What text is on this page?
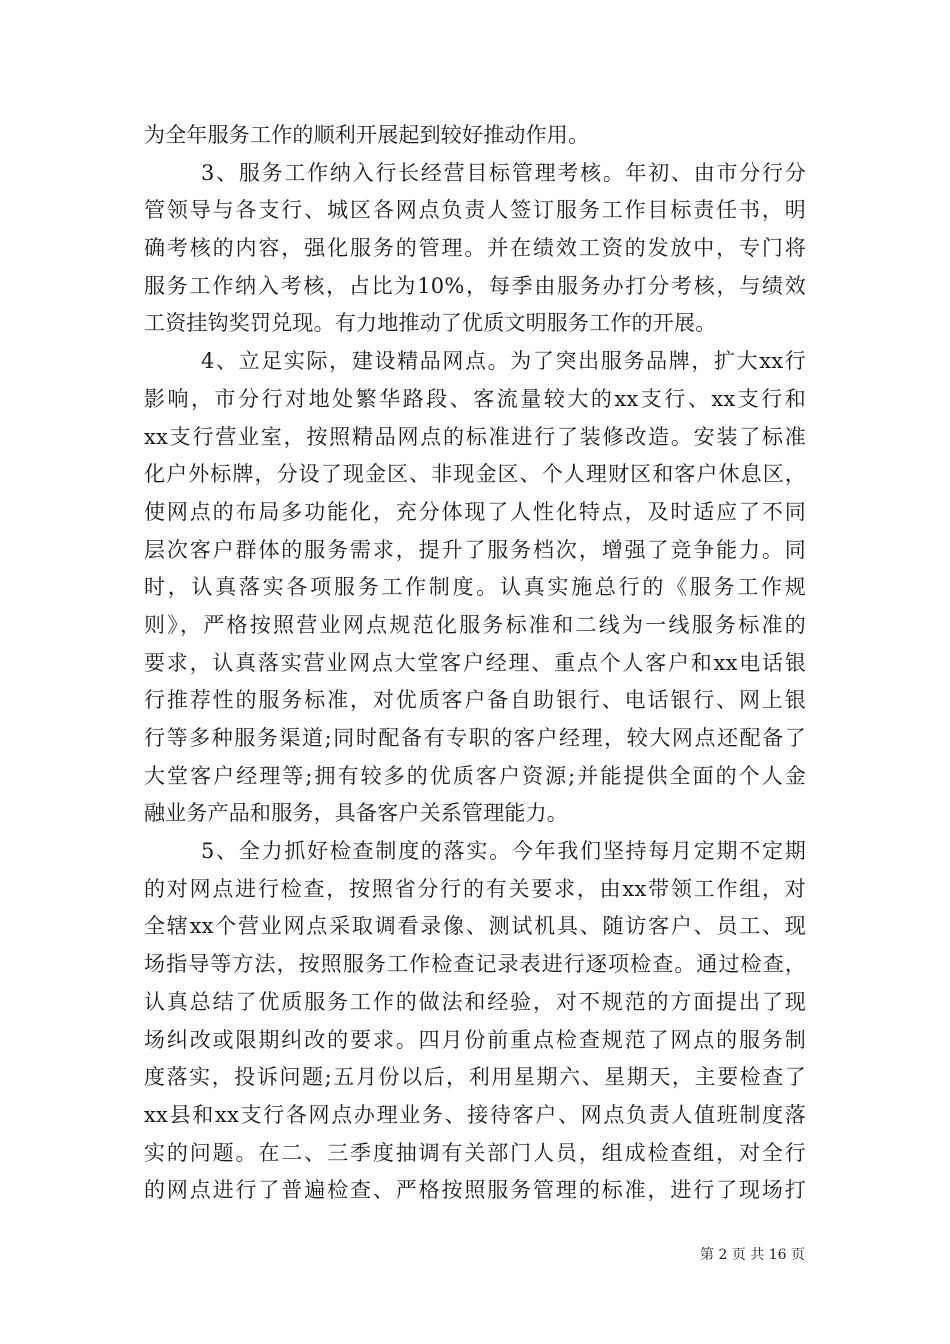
为全年服务工作的顺利开展起到较好推动作用。
3、服务工作纳入行长经营目标管理考核。年初、由市分行分
管领导与各支行、城区各网点负责人签订服务工作目标责任书，明
确考核的内容，强化服务的管理。并在绩效工资的发放中，专门将
服务工作纳入考核，占比为10%，每季由服务办打分考核，与绩效
工资挂钩奖罚兑现。有力地推动了优质文明服务工作的开展。
4、立足实际，建设精品网点。为了突出服务品牌，扩大xx行
影响，市分行对地处繁华路段、客流量较大的xx支行、xx支行和
xx支行营业室，按照精品网点的标准进行了装修改造。安装了标准
化户外标牌，分设了现金区、非现金区、个人理财区和客户休息区，
使网点的布局多功能化，充分体现了人性化特点，及时适应了不同
层次客户群体的服务需求，提升了服务档次，增强了竞争能力。同
时，认真落实各项服务工作制度。认真实施总行的《服务工作规
则》，严格按照营业网点规范化服务标准和二线为一线服务标准的
要求，认真落实营业网点大堂客户经理、重点个人客户和xx电话银
行推荐性的服务标准，对优质客户备自助银行、电话银行、网上银
行等多种服务渠道;同时配备有专职的客户经理，较大网点还配备了
大堂客户经理等;拥有较多的优质客户资源;并能提供全面的个人金
融业务产品和服务，具备客户关系管理能力。
5、全力抓好检查制度的落实。今年我们坚持每月定期不定期
的对网点进行检查，按照省分行的有关要求，由xx带领工作组，对
全辖xx个营业网点采取调看录像、测试机具、随访客户、员工、现
场指导等方法，按照服务工作检查记录表进行逐项检查。通过检查，
认真总结了优质服务工作的做法和经验，对不规范的方面提出了现
场纠改或限期纠改的要求。四月份前重点检查规范了网点的服务制
度落实，投诉问题;五月份以后，利用星期六、星期天，主要检查了
xx县和xx支行各网点办理业务、接待客户、网点负责人值班制度落
实的问题。在二、三季度抽调有关部门人员，组成检查组，对全行
的网点进行了普遍检查、严格按照服务管理的标准，进行了现场打
第 2 页 共 16 页
